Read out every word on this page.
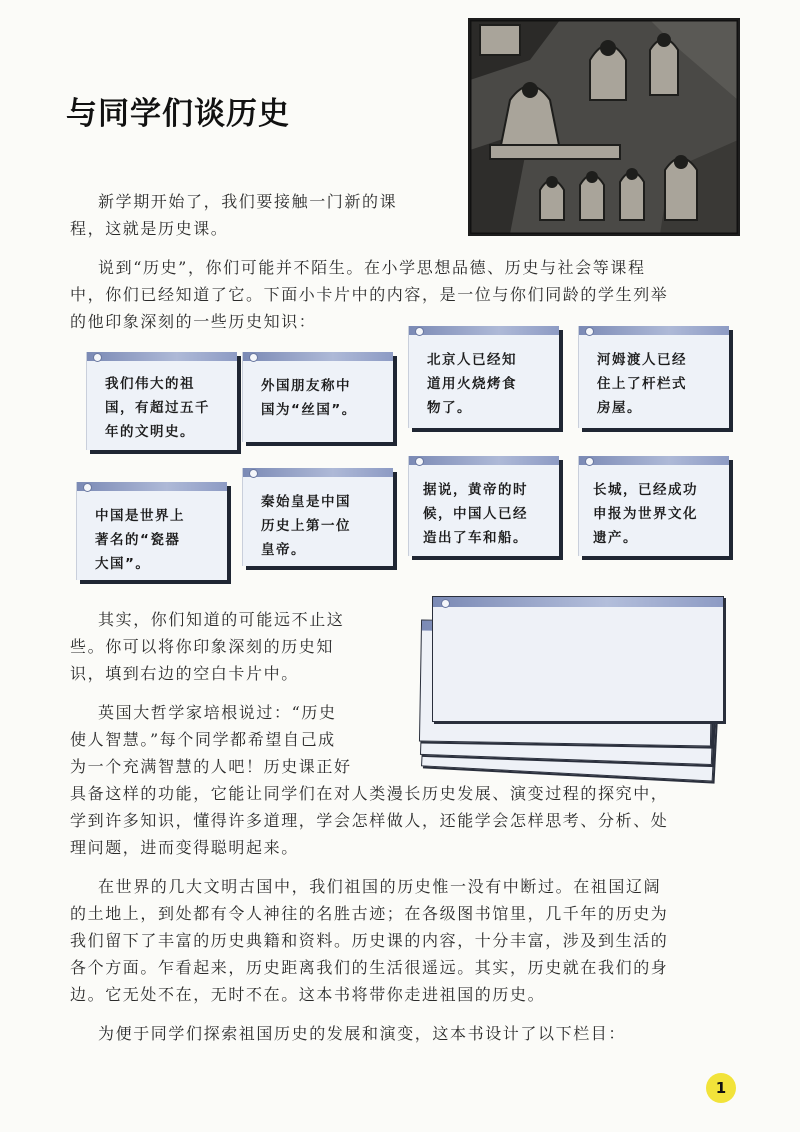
与同学们谈历史

新学期开始了，我们要接触一门新的课

程，这就是历史课。

说到“历史”，你们可能并不陌生。在小学思想品德、历史与社会等课程

中，你们已经知道了它。下面小卡片中的内容，是一位与你们同龄的学生列举

的他印象深刻的一些历史知识：

我们伟大的祖
国，有超过五千
年的文明史。
外国朋友称中
国为“丝国”。
北京人已经知
道用火烧烤食
物了。
河姆渡人已经
住上了杆栏式
房屋。
中国是世界上
著名的“瓷器
大国”。
秦始皇是中国
历史上第一位
皇帝。
据说，黄帝的时
候，中国人已经
造出了车和船。
长城，已经成功
申报为世界文化
遗产。

其实，你们知道的可能远不止这

些。你可以将你印象深刻的历史知

识，填到右边的空白卡片中。

英国大哲学家培根说过：“历史

使人智慧。”每个同学都希望自己成

为一个充满智慧的人吧！历史课正好

具备这样的功能，它能让同学们在对人类漫长历史发展、演变过程的探究中，

学到许多知识，懂得许多道理，学会怎样做人，还能学会怎样思考、分析、处

理问题，进而变得聪明起来。

在世界的几大文明古国中，我们祖国的历史惟一没有中断过。在祖国辽阔

的土地上，到处都有令人神往的名胜古迹；在各级图书馆里，几千年的历史为

我们留下了丰富的历史典籍和资料。历史课的内容，十分丰富，涉及到生活的

各个方面。乍看起来，历史距离我们的生活很遥远。其实，历史就在我们的身

边。它无处不在，无时不在。这本书将带你走进祖国的历史。

为便于同学们探索祖国历史的发展和演变，这本书设计了以下栏目：

1
